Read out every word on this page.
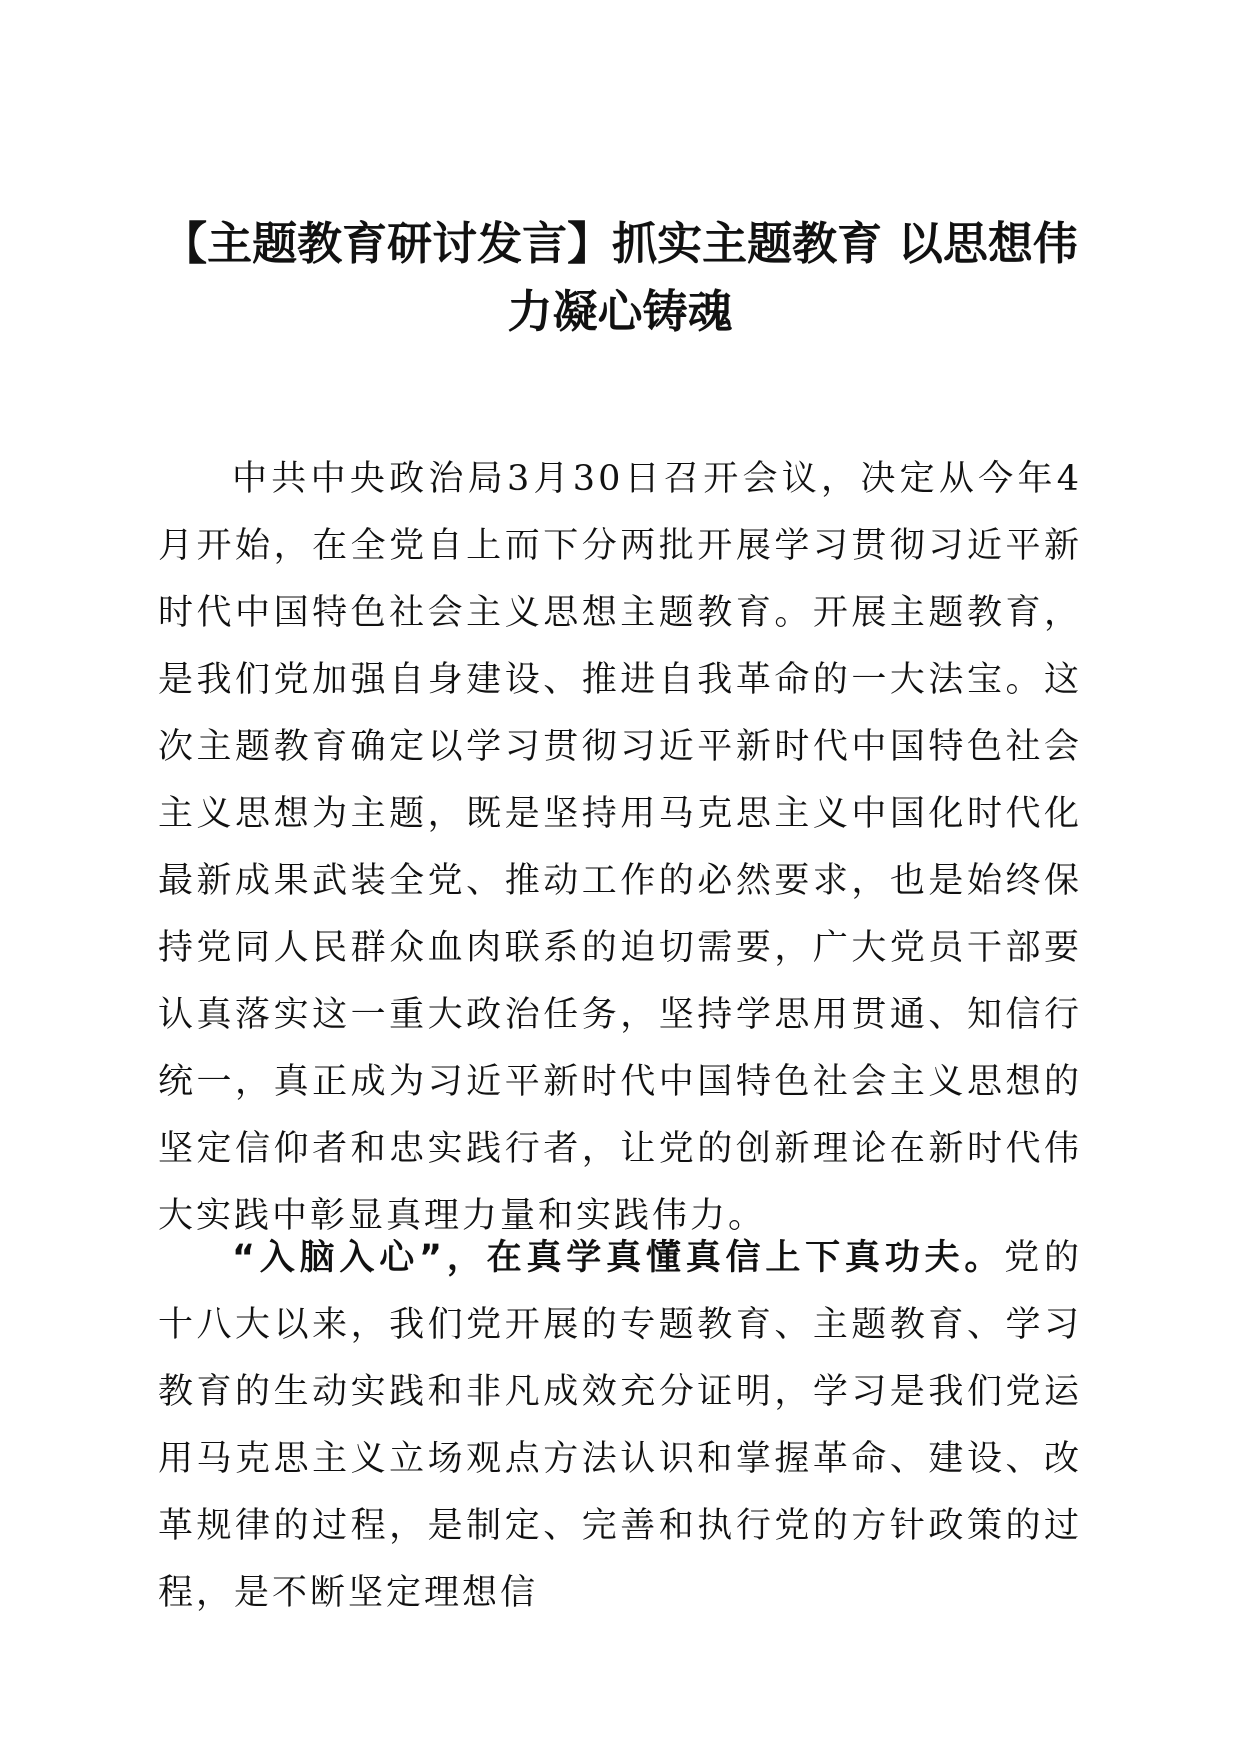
【主题教育研讨发言】抓实主题教育 以思想伟力凝心铸魂

中共中央政治局3月30日召开会议，决定从今年4月开始，在全党自上而下分两批开展学习贯彻习近平新时代中国特色社会主义思想主题教育。开展主题教育，是我们党加强自身建设、推进自我革命的一大法宝。这次主题教育确定以学习贯彻习近平新时代中国特色社会主义思想为主题，既是坚持用马克思主义中国化时代化最新成果武装全党、推动工作的必然要求，也是始终保持党同人民群众血肉联系的迫切需要，广大党员干部要认真落实这一重大政治任务，坚持学思用贯通、知信行统一，真正成为习近平新时代中国特色社会主义思想的坚定信仰者和忠实践行者，让党的创新理论在新时代伟大实践中彰显真理力量和实践伟力。

“入脑入心”，在真学真懂真信上下真功夫。党的十八大以来，我们党开展的专题教育、主题教育、学习教育的生动实践和非凡成效充分证明，学习是我们党运用马克思主义立场观点方法认识和掌握革命、建设、改革规律的过程，是制定、完善和执行党的方针政策的过程，是不断坚定理想信
